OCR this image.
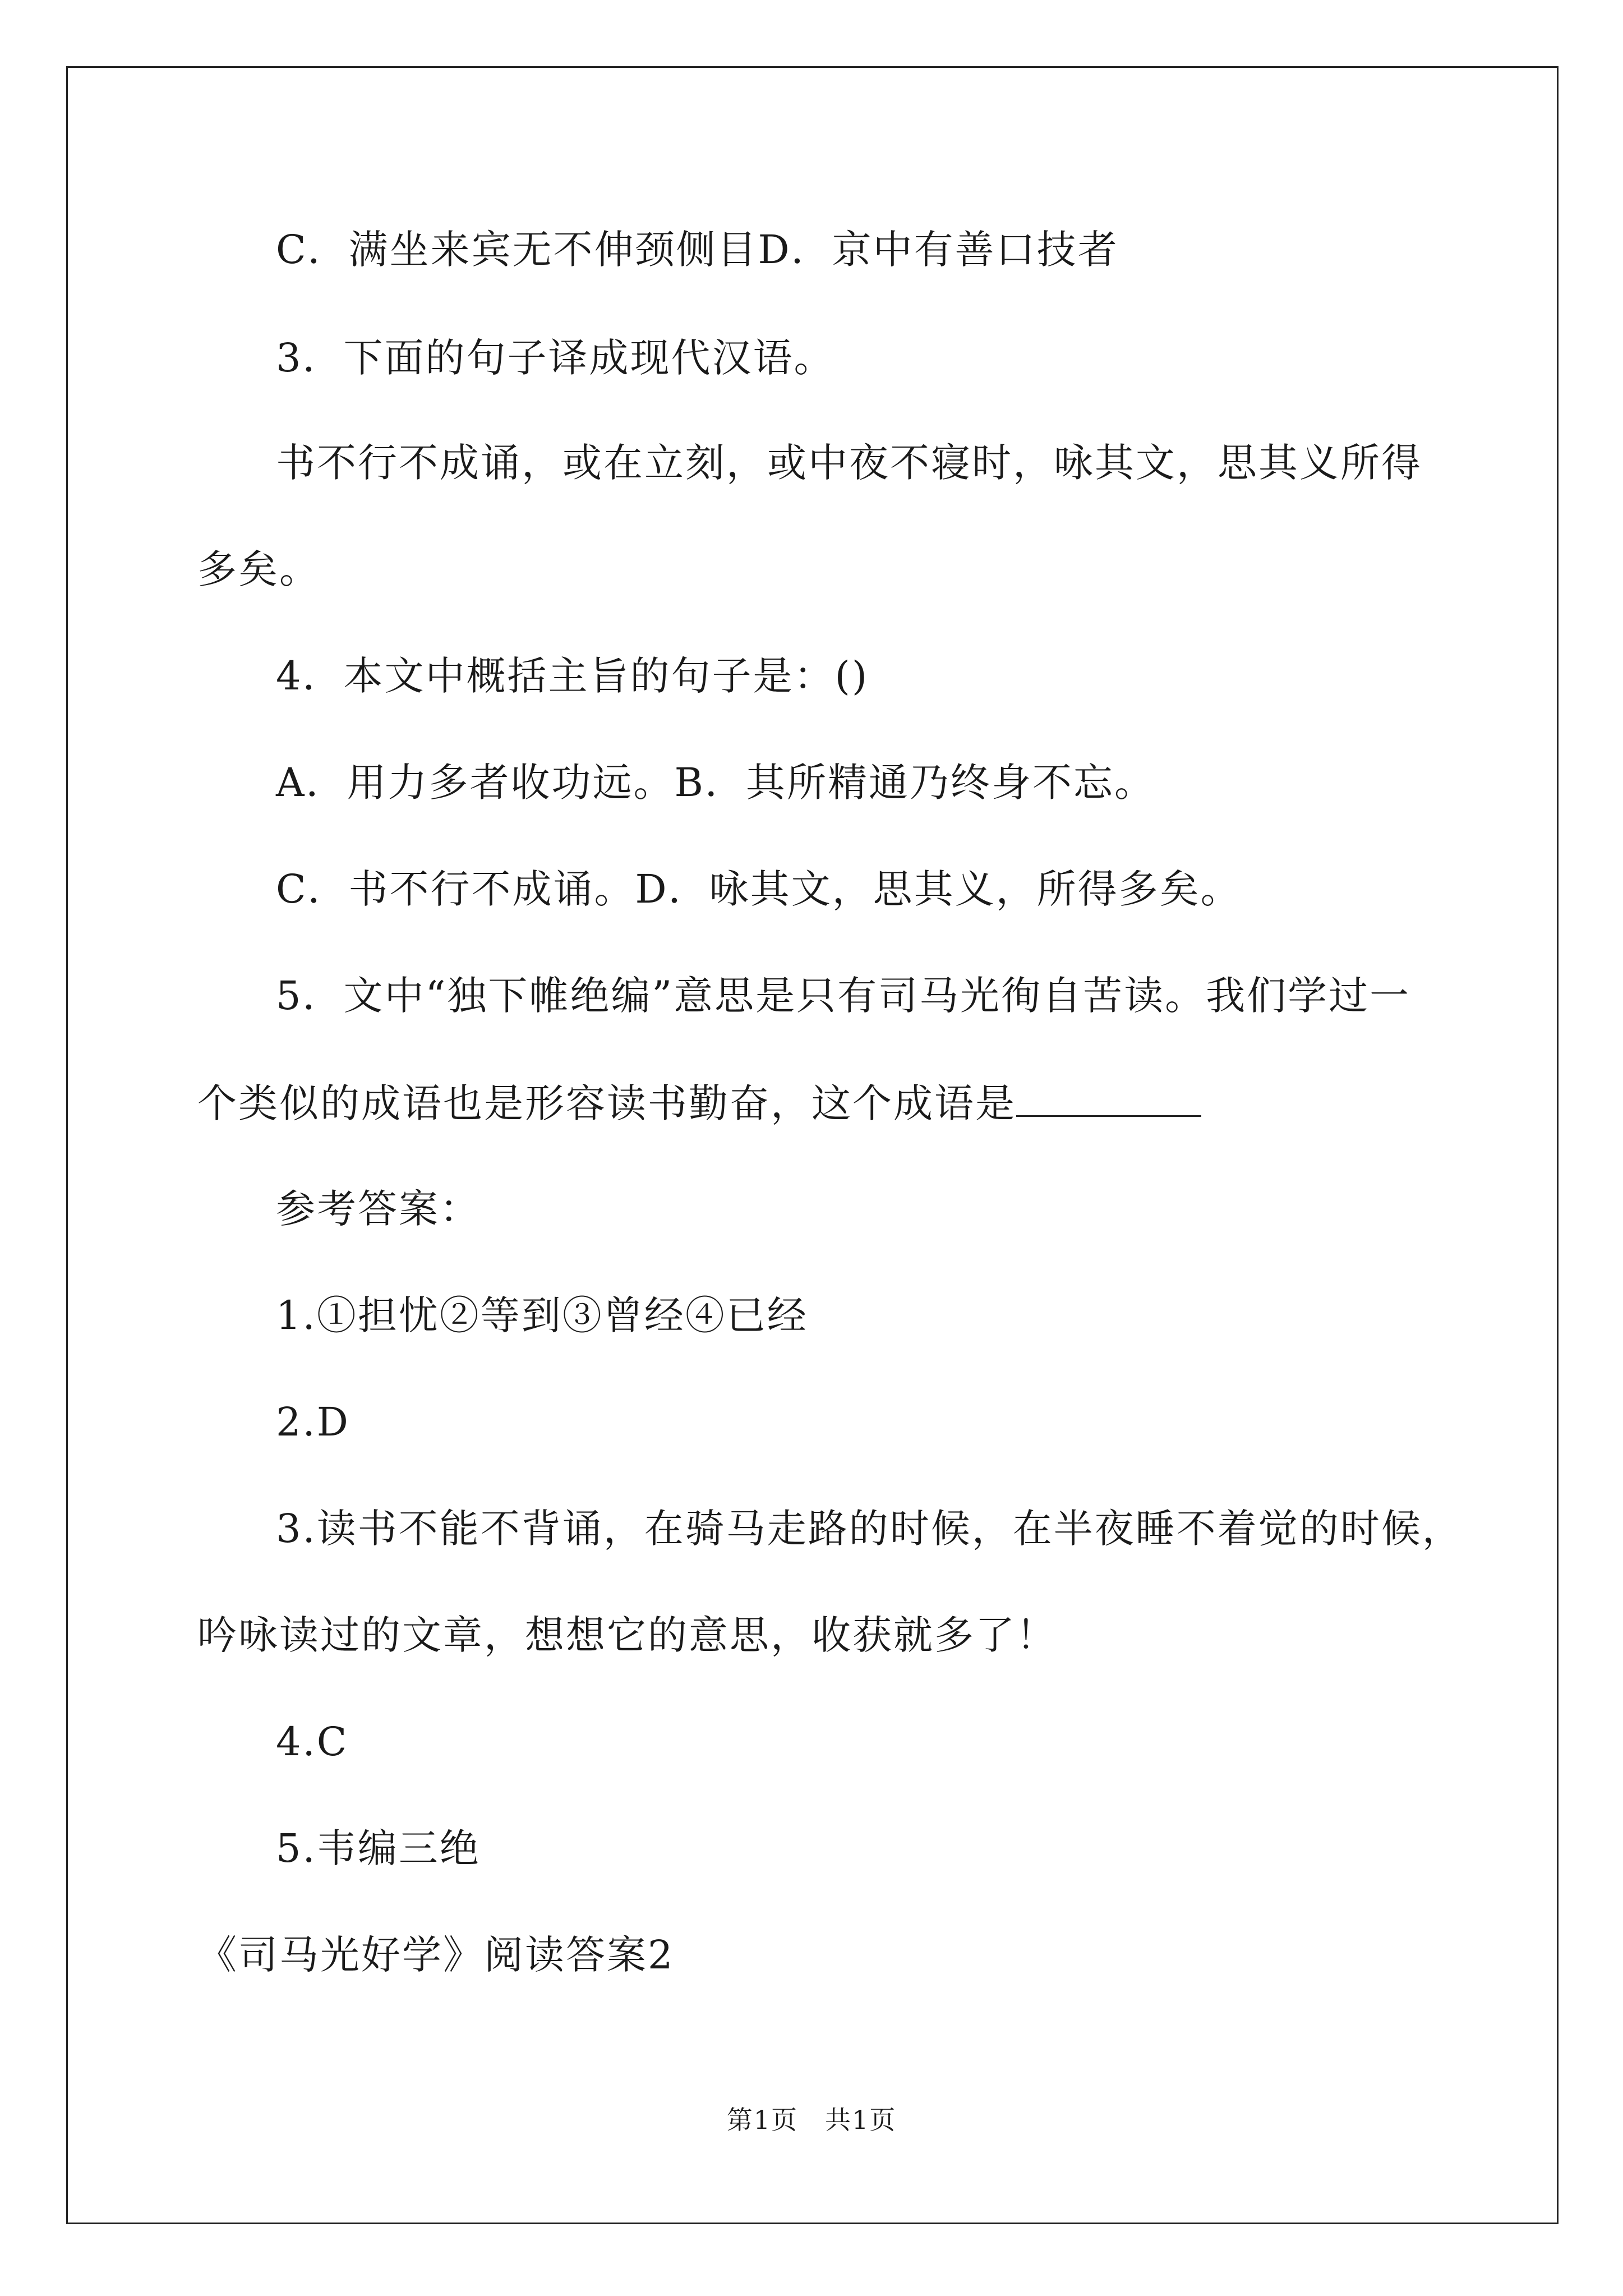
C．满坐来宾无不伸颈侧目D．京中有善口技者
3．下面的句子译成现代汉语。
书不行不成诵，或在立刻，或中夜不寝时，咏其文，思其义所得
多矣。
4．本文中概括主旨的句子是：()
A．用力多者收功远。B．其所精通乃终身不忘。
C．书不行不成诵。D．咏其文，思其义，所得多矣。
5．文中“独下帷绝编”意思是只有司马光徇自苦读。我们学过一
个类似的成语也是形容读书勤奋，这个成语是
参考答案：
1.①担忧②等到③曾经④已经
2.D
3.读书不能不背诵，在骑马走路的时候，在半夜睡不着觉的时候，
吟咏读过的文章，想想它的意思，收获就多了！
4.C
5.韦编三绝
《司马光好学》阅读答案2
第1页　共1页
